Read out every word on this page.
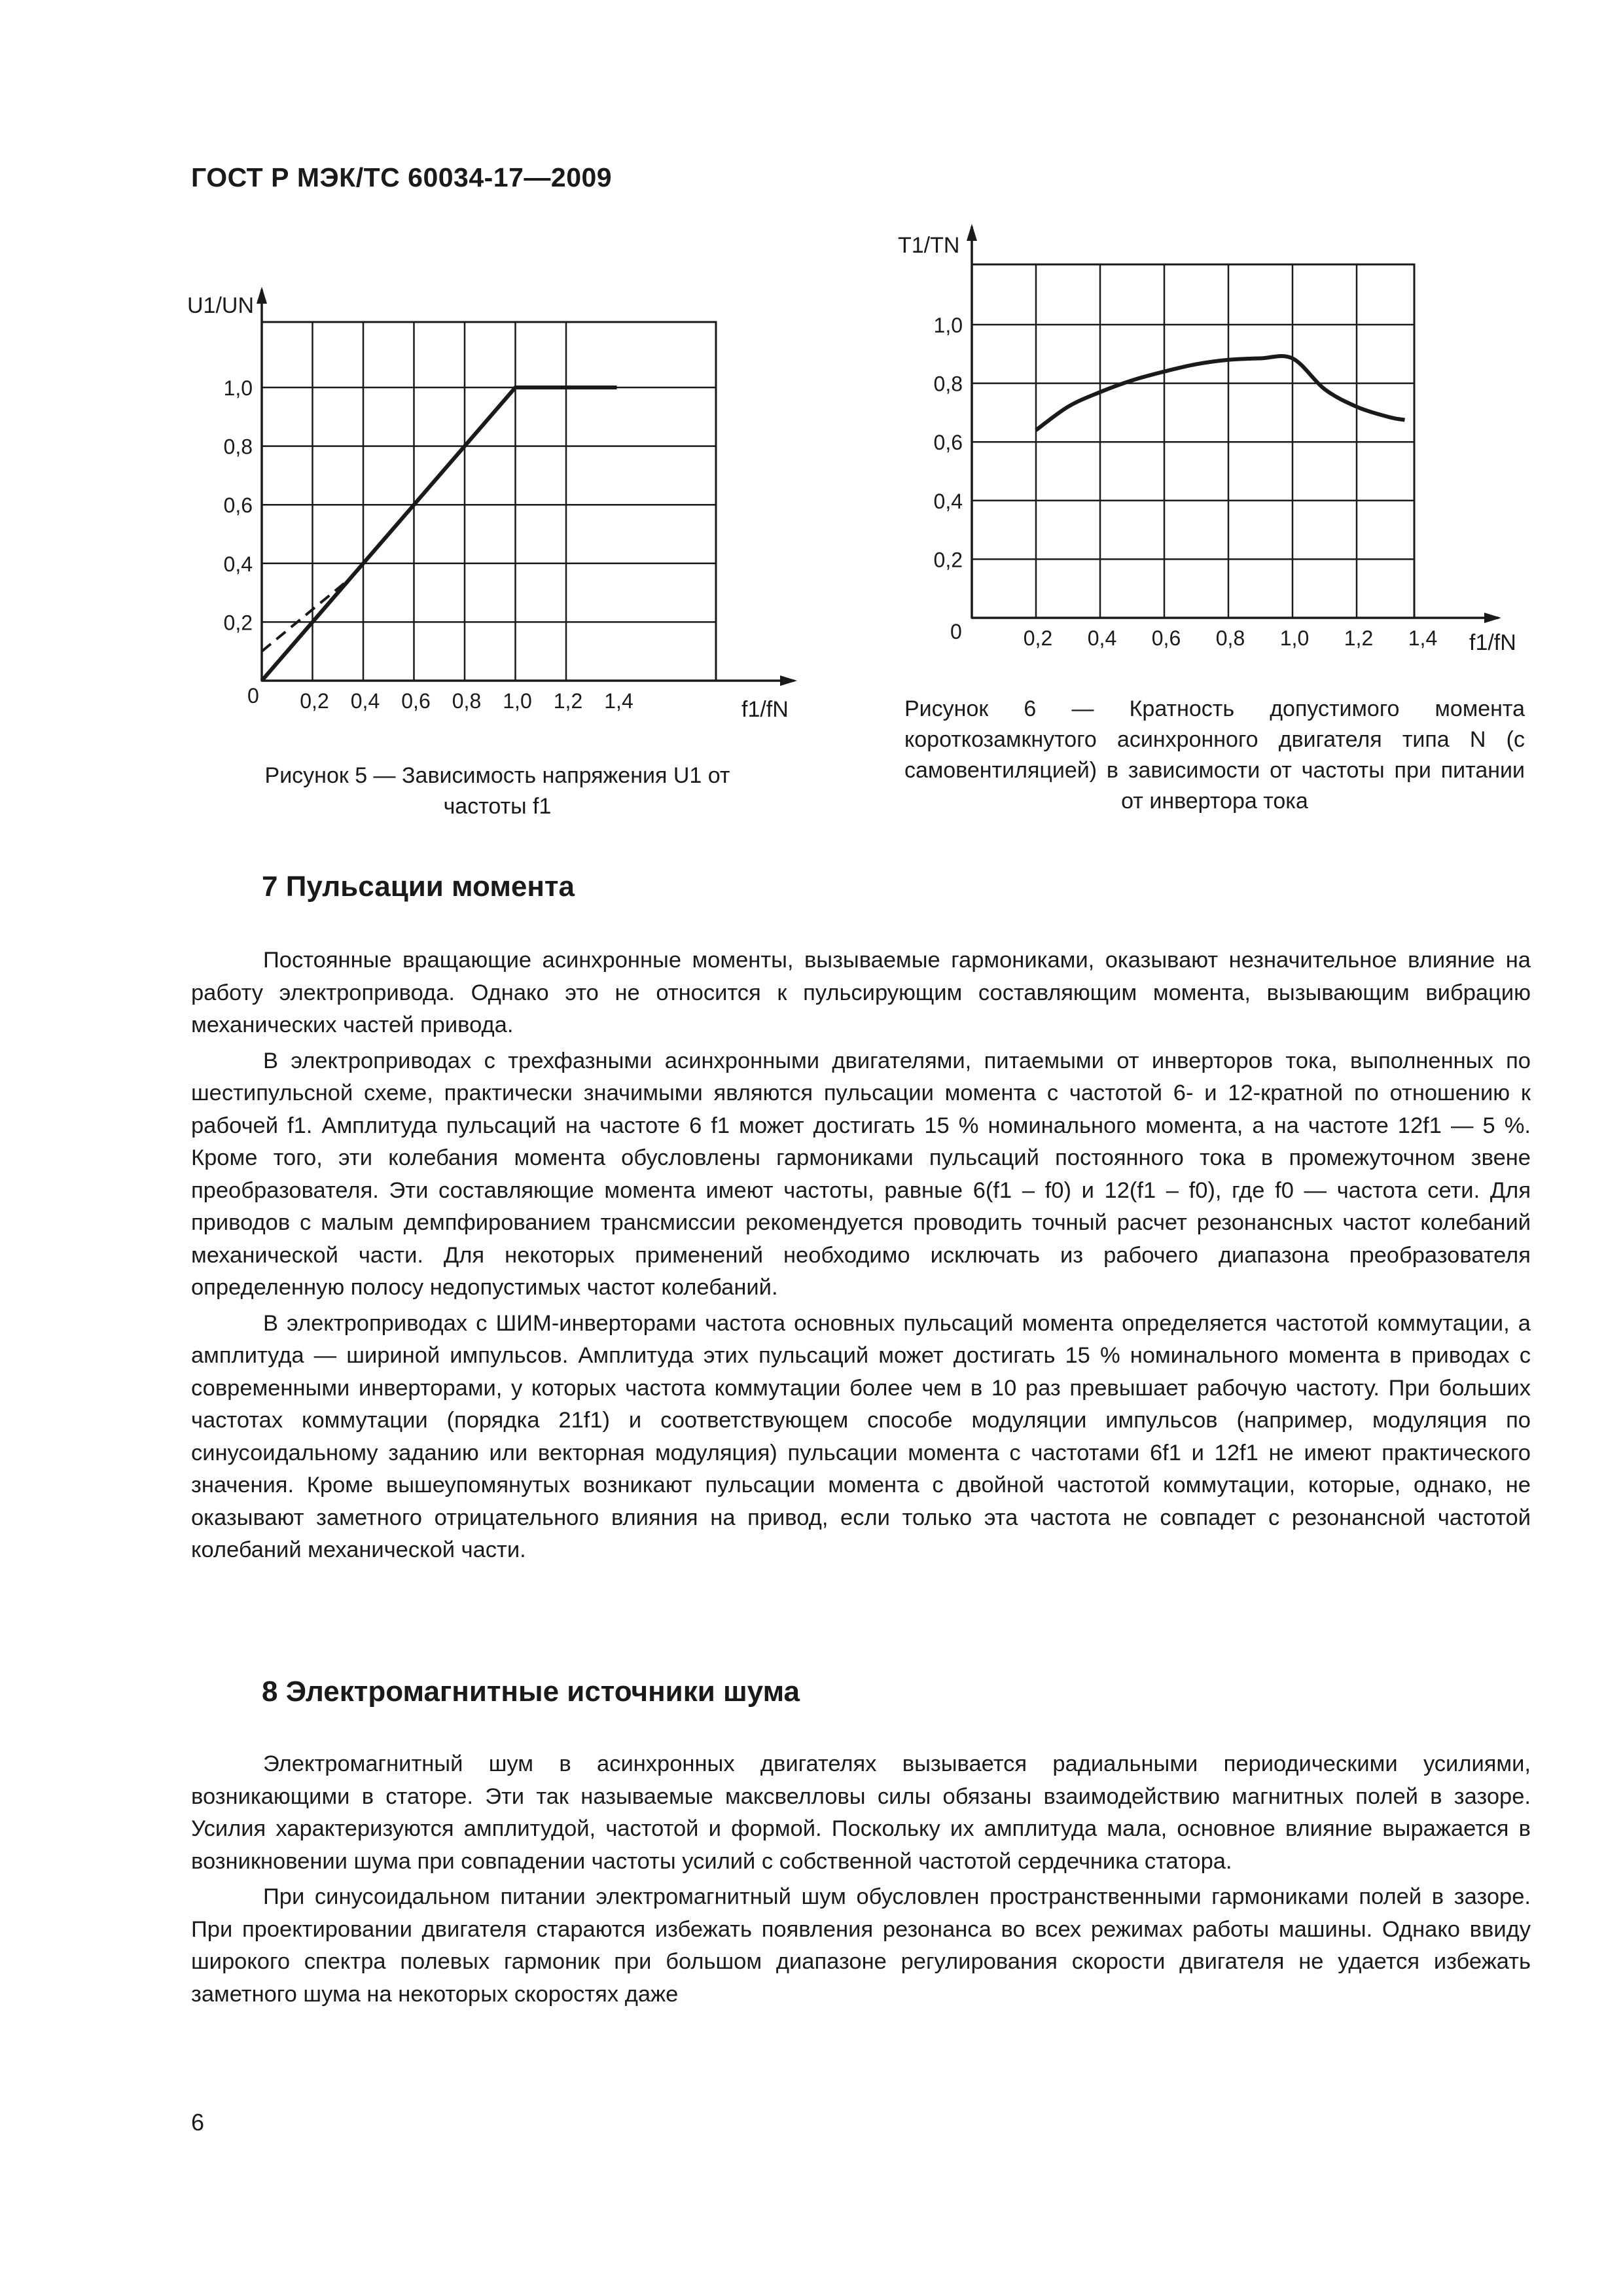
ГОСТ Р МЭК/ТС 60034-17—2009
U1/UN
f1/fN
0
0,2
0,4
0,6
0,8
1,0
0,2 0,4 0,6 0,8 1,0 1,2 1,4
T1/TN
f1/fN
0
0,2
0,4
0,6
0,8
1,0
0,2 0,4 0,6 0,8 1,0 1,2 1,4
Рисунок 5 — Зависимость напряжения U1 от частоты f1
Рисунок 6 — Кратность допустимого момента короткозамкнутого асинхронного двигателя типа N (с самовентиляцией) в зависимости от частоты при питании от инвертора тока
7 Пульсации момента

Постоянные вращающие асинхронные моменты, вызываемые гармониками, оказывают незначительное влияние на работу электропривода. Однако это не относится к пульсирующим составляющим момента, вызывающим вибрацию механических частей привода.

В электроприводах с трехфазными асинхронными двигателями, питаемыми от инверторов тока, выполненных по шестипульсной схеме, практически значимыми являются пульсации момента с частотой 6- и 12-кратной по отношению к рабочей f1. Амплитуда пульсаций на частоте 6 f1 может достигать 15 % номинального момента, а на частоте 12f1 — 5 %. Кроме того, эти колебания момента обусловлены гармониками пульсаций постоянного тока в промежуточном звене преобразователя. Эти составляющие момента имеют частоты, равные 6(f1 – f0) и 12(f1 – f0), где f0 — частота сети. Для приводов с малым демпфированием трансмиссии рекомендуется проводить точный расчет резонансных частот колебаний механической части. Для некоторых применений необходимо исключать из рабочего диапазона преобразователя определенную полосу недопустимых частот колебаний.

В электроприводах с ШИМ-инверторами частота основных пульсаций момента определяется частотой коммутации, а амплитуда — шириной импульсов. Амплитуда этих пульсаций может достигать 15 % номинального момента в приводах с современными инверторами, у которых частота коммутации более чем в 10 раз превышает рабочую частоту. При больших частотах коммутации (порядка 21f1) и соответствующем способе модуляции импульсов (например, модуляция по синусоидальному заданию или векторная модуляция) пульсации момента с частотами 6f1 и 12f1 не имеют практического значения. Кроме вышеупомянутых возникают пульсации момента с двойной частотой коммутации, которые, однако, не оказывают заметного отрицательного влияния на привод, если только эта частота не совпадет с резонансной частотой колебаний механической части.

8 Электромагнитные источники шума

Электромагнитный шум в асинхронных двигателях вызывается радиальными периодическими усилиями, возникающими в статоре. Эти так называемые максвелловы силы обязаны взаимодействию магнитных полей в зазоре. Усилия характеризуются амплитудой, частотой и формой. Поскольку их амплитуда мала, основное влияние выражается в возникновении шума при совпадении частоты усилий с собственной частотой сердечника статора.

При синусоидальном питании электромагнитный шум обусловлен пространственными гармониками полей в зазоре. При проектировании двигателя стараются избежать появления резонанса во всех режимах работы машины. Однако ввиду широкого спектра полевых гармоник при большом диапазоне регулирования скорости двигателя не удается избежать заметного шума на некоторых скоростях даже

6
